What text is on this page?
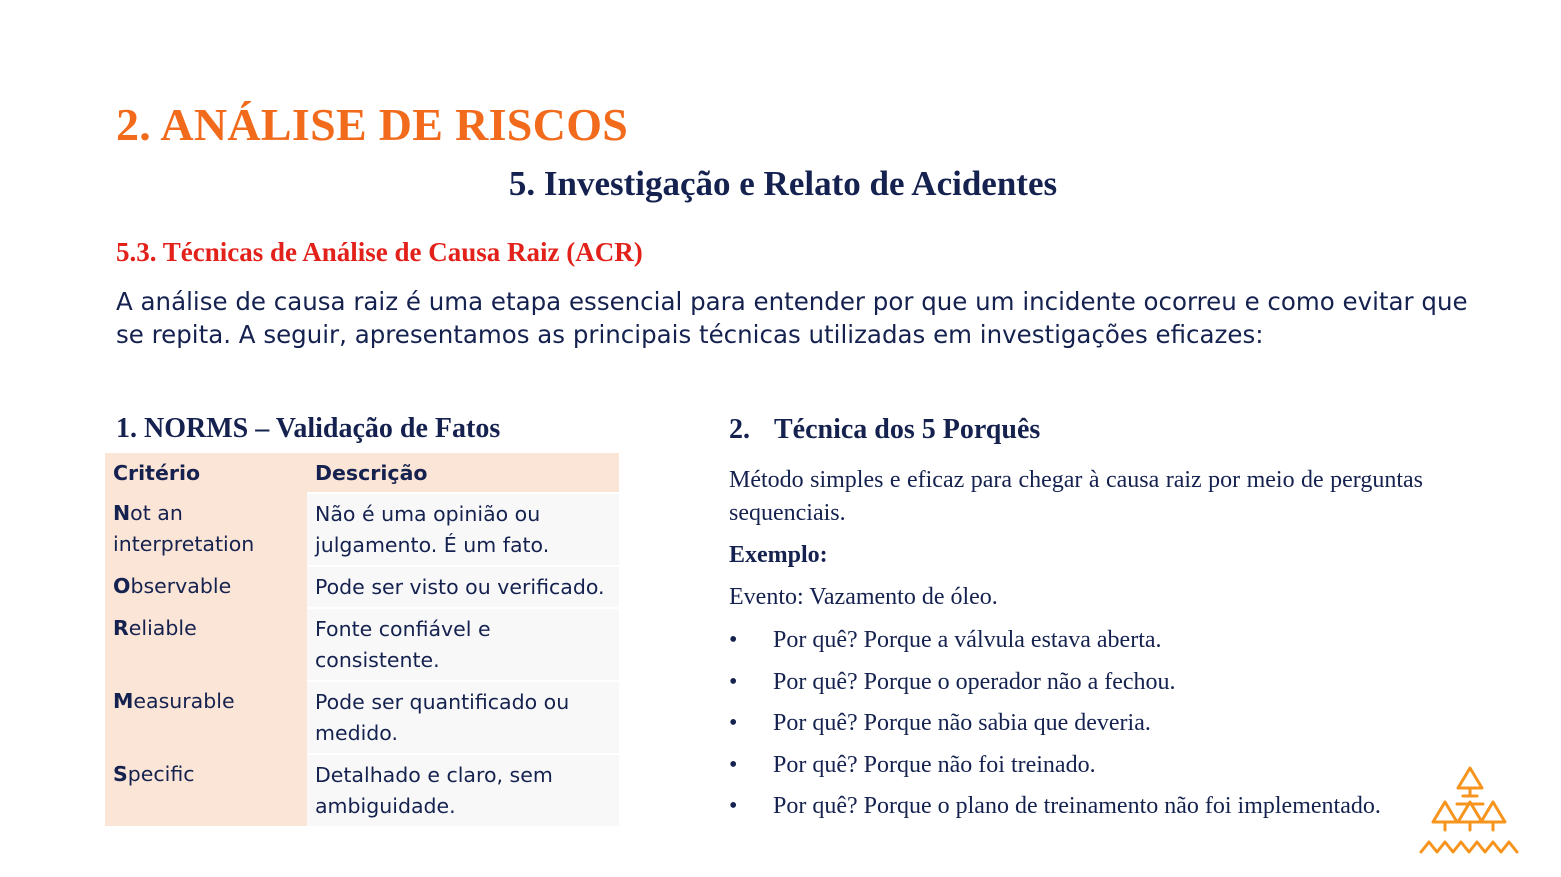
2. ANÁLISE DE RISCOS
5. Investigação e Relato de Acidentes
5.3. Técnicas de Análise de Causa Raiz (ACR)

A análise de causa raiz é uma etapa essencial para entender por que um incidente ocorreu e como evitar que se repita. A seguir, apresentamos as principais técnicas utilizadas em investigações eficazes:

1. NORMS – Validação de Fatos
Critério	Descrição
Not an interpretation	Não é uma opinião ou julgamento. É um fato.
Observable	Pode ser visto ou verificado.
Reliable	Fonte confiável e consistente.
Measurable	Pode ser quantificado ou medido.
Specific	Detalhado e claro, sem ambiguidade.
2. Técnica dos 5 Porquês

Método simples e eficaz para chegar à causa raiz por meio de perguntas sequenciais.

Exemplo:

Evento: Vazamento de óleo.

• Por quê? Porque a válvula estava aberta.
• Por quê? Porque o operador não a fechou.
• Por quê? Porque não sabia que deveria.
• Por quê? Porque não foi treinado.
• Por quê? Porque o plano de treinamento não foi implementado.
